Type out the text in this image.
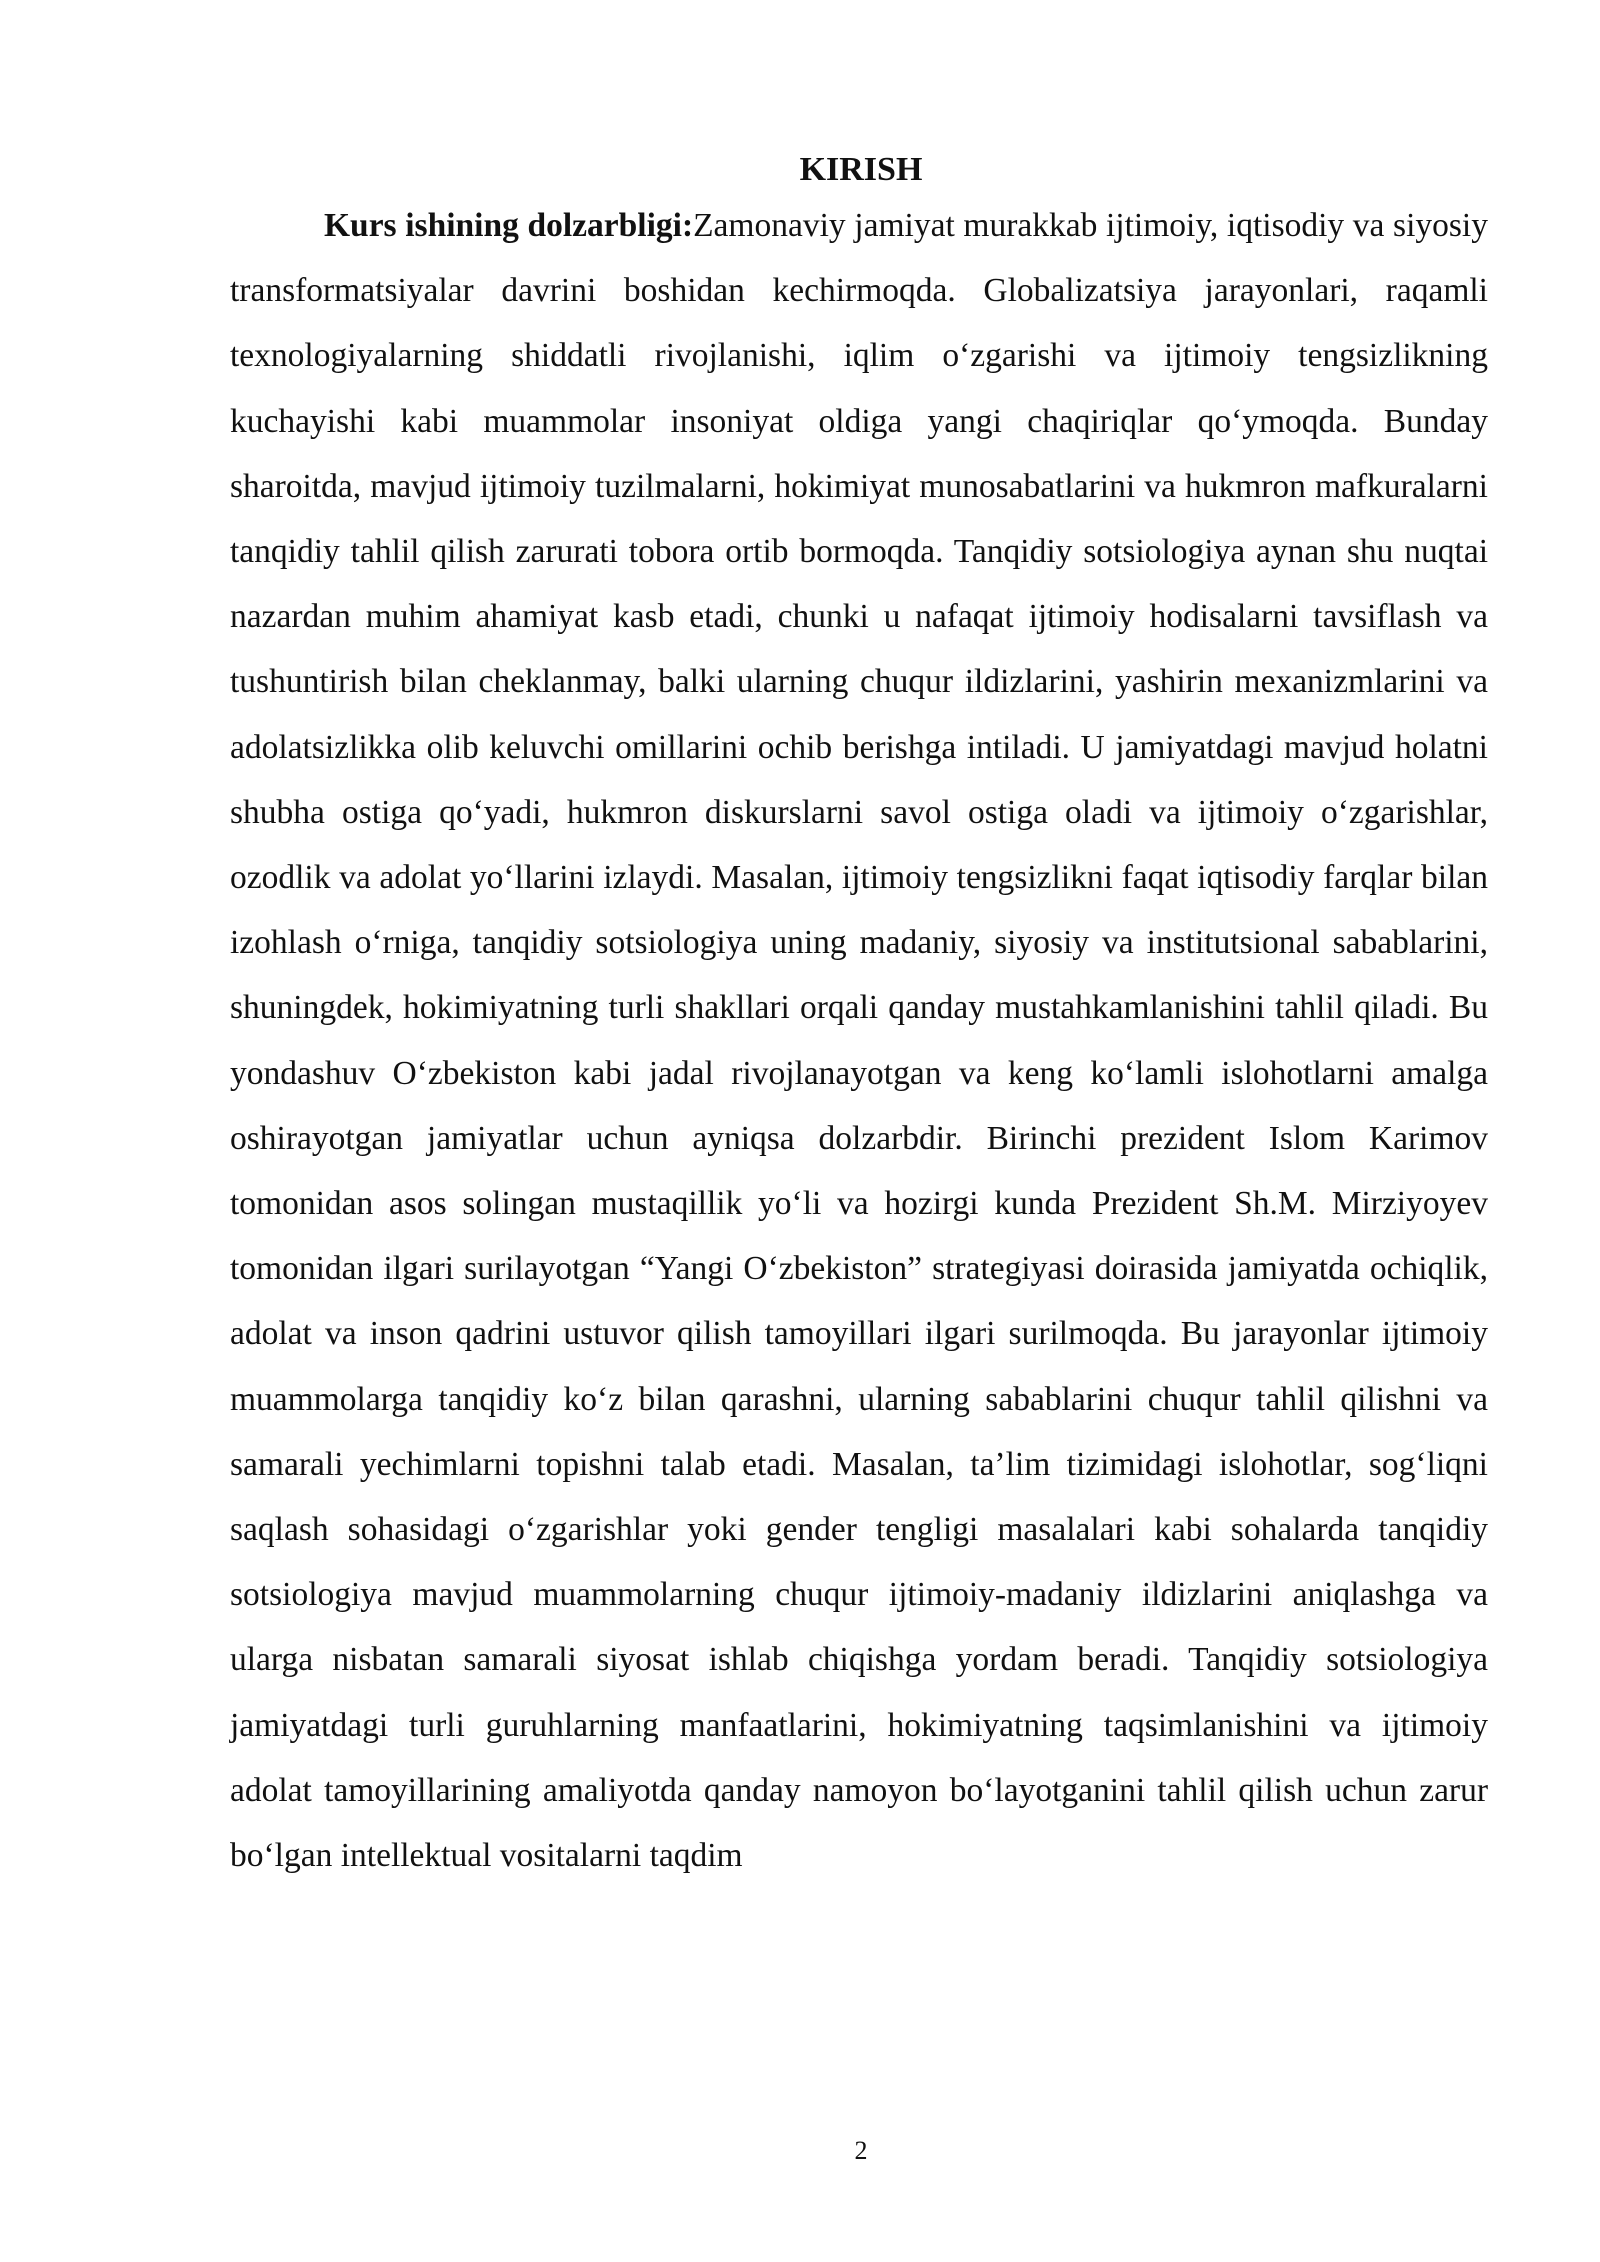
KIRISH

Kurs ishining dolzarbligi:Zamonaviy jamiyat murakkab ijtimoiy, iqtisodiy va siyosiy transformatsiyalar davrini boshidan kechirmoqda. Globalizatsiya jarayonlari, raqamli texnologiyalarning shiddatli rivojlanishi, iqlim o‘zgarishi va ijtimoiy tengsizlikning kuchayishi kabi muammolar insoniyat oldiga yangi chaqiriqlar qo‘ymoqda. Bunday sharoitda, mavjud ijtimoiy tuzilmalarni, hokimiyat munosabatlarini va hukmron mafkuralarni tanqidiy tahlil qilish zarurati tobora ortib bormoqda. Tanqidiy sotsiologiya aynan shu nuqtai nazardan muhim ahamiyat kasb etadi, chunki u nafaqat ijtimoiy hodisalarni tavsiflash va tushuntirish bilan cheklanmay, balki ularning chuqur ildizlarini, yashirin mexanizmlarini va adolatsizlikka olib keluvchi omillarini ochib berishga intiladi. U jamiyatdagi mavjud holatni shubha ostiga qo‘yadi, hukmron diskurslarni savol ostiga oladi va ijtimoiy o‘zgarishlar, ozodlik va adolat yo‘llarini izlaydi. Masalan, ijtimoiy tengsizlikni faqat iqtisodiy farqlar bilan izohlash o‘rniga, tanqidiy sotsiologiya uning madaniy, siyosiy va institutsional sabablarini, shuningdek, hokimiyatning turli shakllari orqali qanday mustahkamlanishini tahlil qiladi. Bu yondashuv O‘zbekiston kabi jadal rivojlanayotgan va keng ko‘lamli islohotlarni amalga oshirayotgan jamiyatlar uchun ayniqsa dolzarbdir. Birinchi prezident Islom Karimov tomonidan asos solingan mustaqillik yo‘li va hozirgi kunda Prezident Sh.M. Mirziyoyev tomonidan ilgari surilayotgan “Yangi O‘zbekiston” strategiyasi doirasida jamiyatda ochiqlik, adolat va inson qadrini ustuvor qilish tamoyillari ilgari surilmoqda. Bu jarayonlar ijtimoiy muammolarga tanqidiy ko‘z bilan qarashni, ularning sabablarini chuqur tahlil qilishni va samarali yechimlarni topishni talab etadi. Masalan, ta’lim tizimidagi islohotlar, sog‘liqni saqlash sohasidagi o‘zgarishlar yoki gender tengligi masalalari kabi sohalarda tanqidiy sotsiologiya mavjud muammolarning chuqur ijtimoiy-madaniy ildizlarini aniqlashga va ularga nisbatan samarali siyosat ishlab chiqishga yordam beradi. Tanqidiy sotsiologiya jamiyatdagi turli guruhlarning manfaatlarini, hokimiyatning taqsimlanishini va ijtimoiy adolat tamoyillarining amaliyotda qanday namoyon bo‘layotganini tahlil qilish uchun zarur bo‘lgan intellektual vositalarni taqdim

2
